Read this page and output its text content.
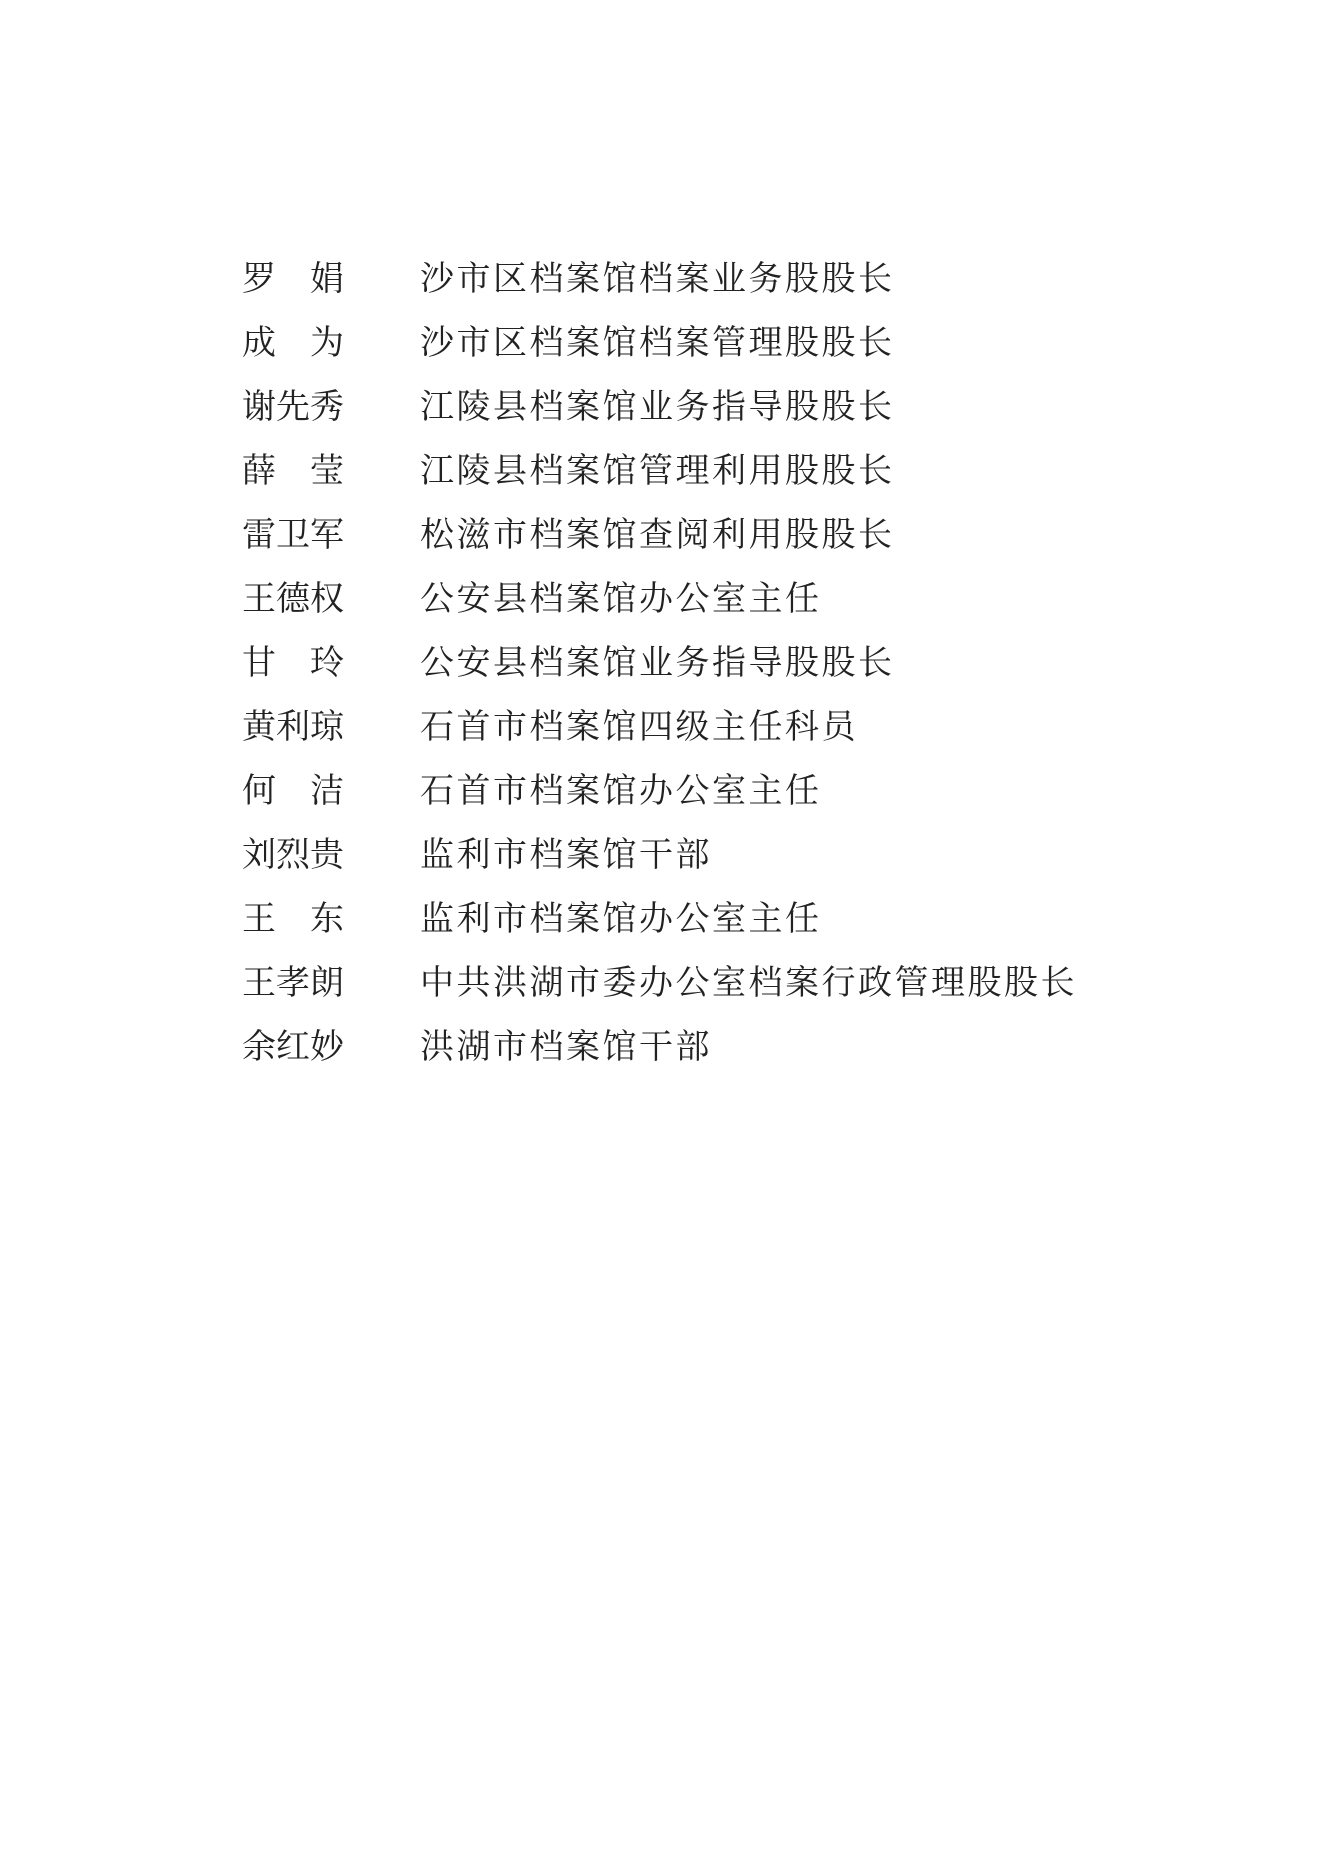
罗娟	沙市区档案馆档案业务股股长
成为	沙市区档案馆档案管理股股长
谢先秀	江陵县档案馆业务指导股股长
薛莹	江陵县档案馆管理利用股股长
雷卫军	松滋市档案馆查阅利用股股长
王德权	公安县档案馆办公室主任
甘玲	公安县档案馆业务指导股股长
黄利琼	石首市档案馆四级主任科员
何洁	石首市档案馆办公室主任
刘烈贵	监利市档案馆干部
王东	监利市档案馆办公室主任
王孝朗	中共洪湖市委办公室档案行政管理股股长
余红妙	洪湖市档案馆干部
